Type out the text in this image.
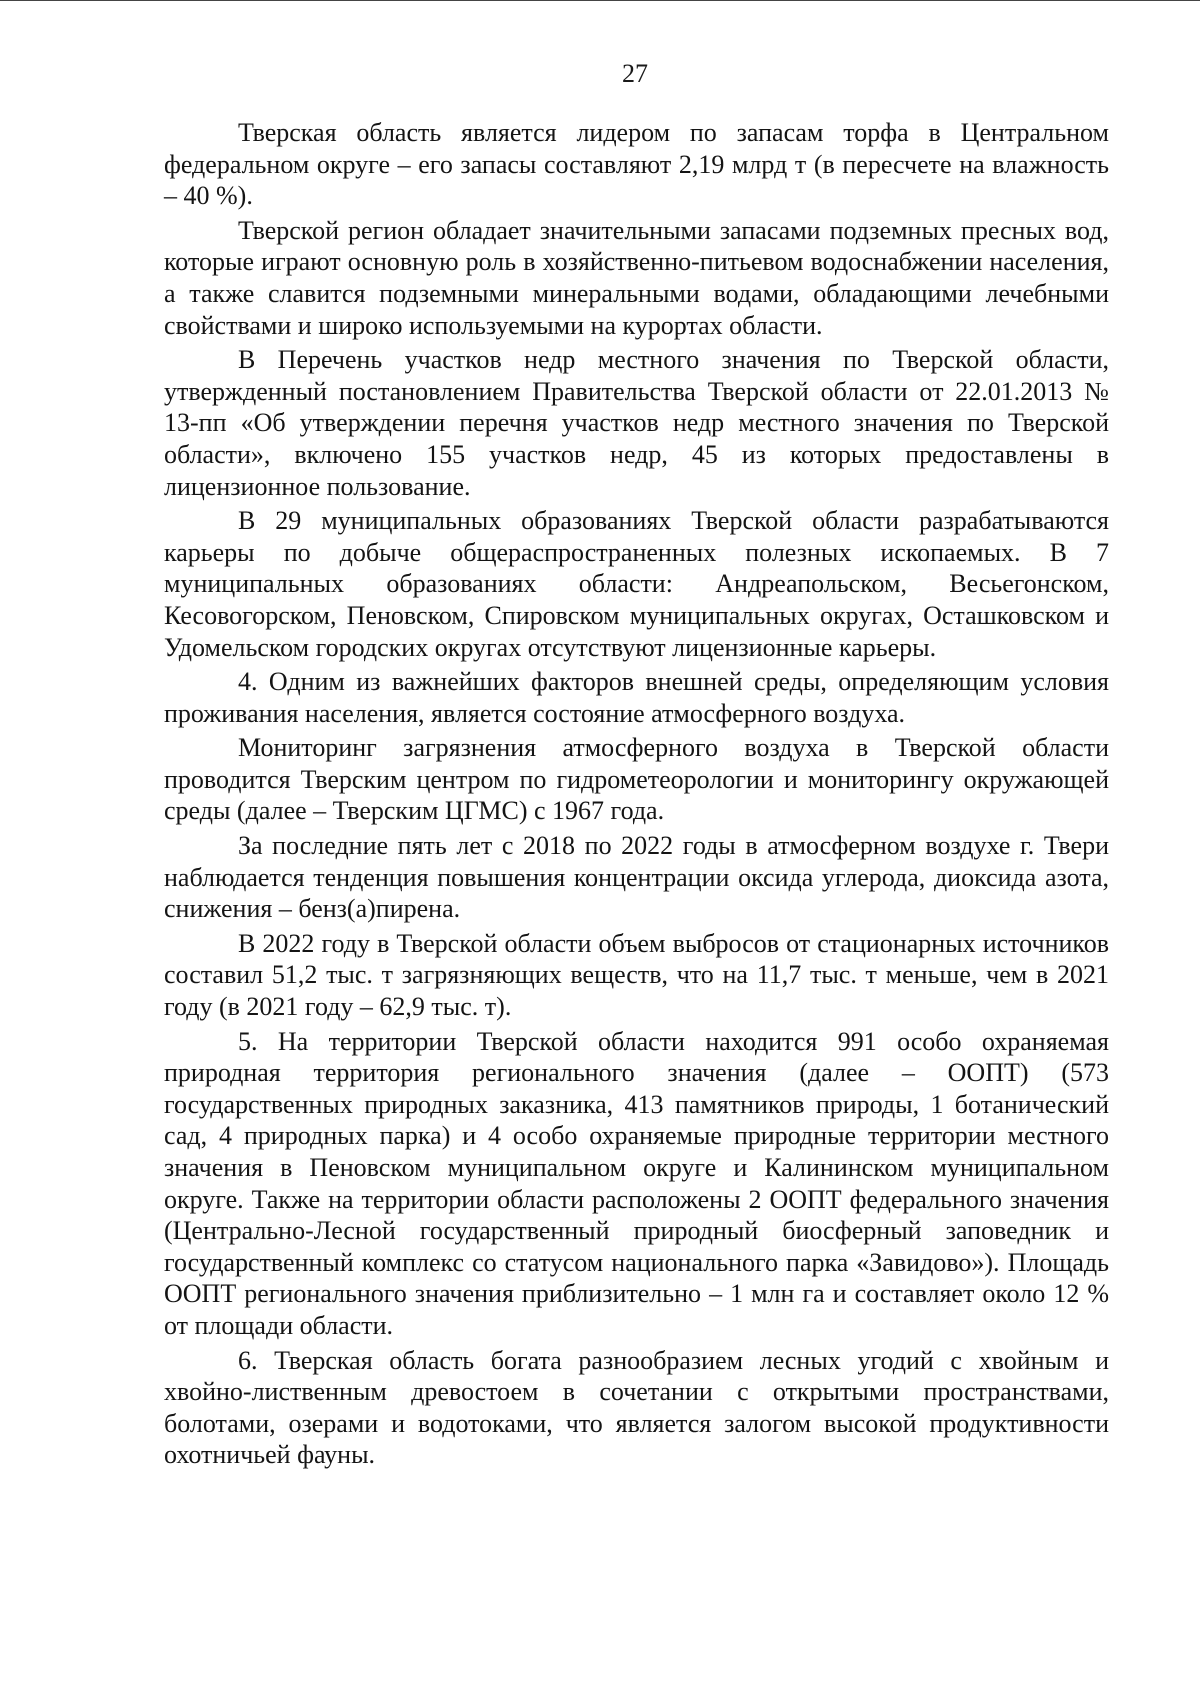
27

Тверская область является лидером по запасам торфа в Центральном федеральном округе – его запасы составляют 2,19 млрд т (в пересчете на влажность – 40 %).

Тверской регион обладает значительными запасами подземных пресных вод, которые играют основную роль в хозяйственно-питьевом водоснабжении населения, а также славится подземными минеральными водами, обладающими лечебными свойствами и широко используемыми на курортах области.

В Перечень участков недр местного значения по Тверской области, утвержденный постановлением Правительства Тверской области от 22.01.2013 № 13-пп «Об утверждении перечня участков недр местного значения по Тверской области», включено 155 участков недр, 45 из которых предоставлены в лицензионное пользование.

В 29 муниципальных образованиях Тверской области разрабатываются карьеры по добыче общераспространенных полезных ископаемых. В 7 муниципальных образованиях области: Андреапольском, Весьегонском, Кесовогорском, Пеновском, Спировском муниципальных округах, Осташковском и Удомельском городских округах отсутствуют лицензионные карьеры.

4. Одним из важнейших факторов внешней среды, определяющим условия проживания населения, является состояние атмосферного воздуха.

Мониторинг загрязнения атмосферного воздуха в Тверской области проводится Тверским центром по гидрометеорологии и мониторингу окружающей среды (далее – Тверским ЦГМС) с 1967 года.

За последние пять лет с 2018 по 2022 годы в атмосферном воздухе г. Твери наблюдается тенденция повышения концентрации оксида углерода, диоксида азота, снижения – бенз(а)пирена.

В 2022 году в Тверской области объем выбросов от стационарных источников составил 51,2 тыс. т загрязняющих веществ, что на 11,7 тыс. т меньше, чем в 2021 году (в 2021 году – 62,9 тыс. т).

5. На территории Тверской области находится 991 особо охраняемая природная территория регионального значения (далее – ООПТ) (573 государственных природных заказника, 413 памятников природы, 1 ботанический сад, 4 природных парка) и 4 особо охраняемые природные территории местного значения в Пеновском муниципальном округе и Калининском муниципальном округе. Также на территории области расположены 2 ООПТ федерального значения (Центрально-Лесной государственный природный биосферный заповедник и государственный комплекс со статусом национального парка «Завидово»). Площадь ООПТ регионального значения приблизительно – 1 млн га и составляет около 12 % от площади области.

6. Тверская область богата разнообразием лесных угодий с хвойным и хвойно-лиственным древостоем в сочетании с открытыми пространствами, болотами, озерами и водотоками, что является залогом высокой продуктивности охотничьей фауны.
